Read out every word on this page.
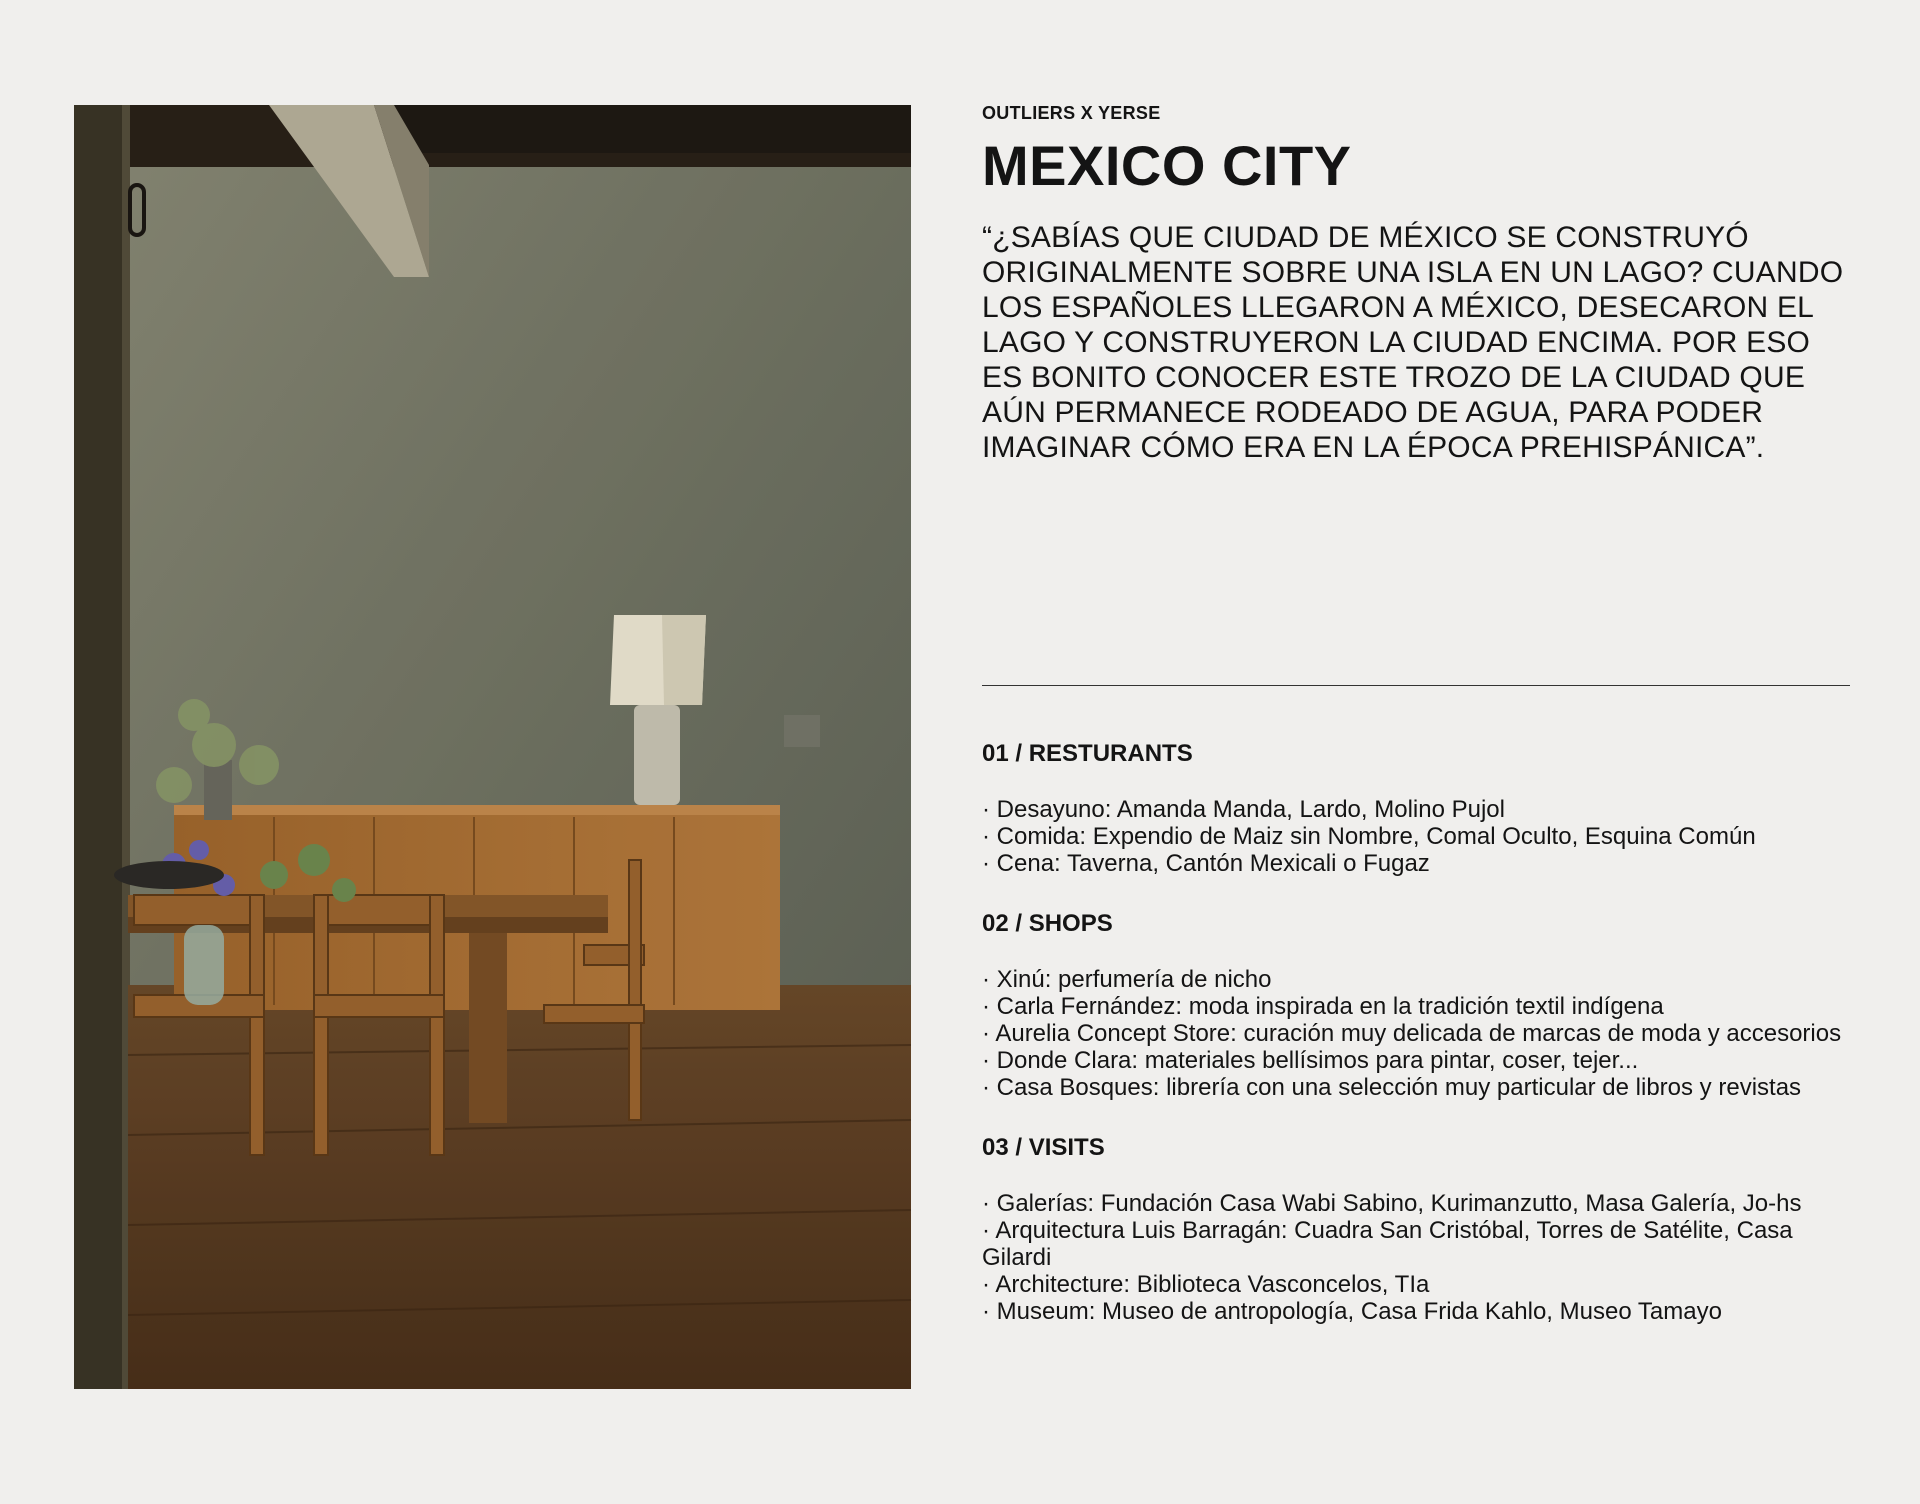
OUTLIERS X YERSE
MEXICO CITY

“¿SABÍAS QUE CIUDAD DE MÉXICO SE CONSTRUYÓ ORIGINALMENTE SOBRE UNA ISLA EN UN LAGO? CUANDO LOS ESPAÑOLES LLEGARON A MÉXICO, DESECARON EL LAGO Y CONSTRUYERON LA CIUDAD ENCIMA. POR ESO ES BONITO CONOCER ESTE TROZO DE LA CIUDAD QUE AÚN PERMANECE RODEADO DE AGUA, PARA PODER IMAGINAR CÓMO ERA EN LA ÉPOCA PREHISPÁNICA”.

01 / RESTURANTS
· Desayuno: Amanda Manda, Lardo, Molino Pujol
· Comida: Expendio de Maiz sin Nombre, Comal Oculto, Esquina Común
· Cena: Taverna, Cantón Mexicali o Fugaz
02 / SHOPS
· Xinú: perfumería de nicho
· Carla Fernández: moda inspirada en la tradición textil indígena
· Aurelia Concept Store: curación muy delicada de marcas de moda y accesorios
· Donde Clara: materiales bellísimos para pintar, coser, tejer...
· Casa Bosques: librería con una selección muy particular de libros y revistas
03 / VISITS
· Galerías: Fundación Casa Wabi Sabino, Kurimanzutto, Masa Galería, Jo-hs
· Arquitectura Luis Barragán: Cuadra San Cristóbal, Torres de Satélite, Casa Gilardi
· Architecture: Biblioteca Vasconcelos, TIa
· Museum: Museo de antropología, Casa Frida Kahlo, Museo Tamayo
